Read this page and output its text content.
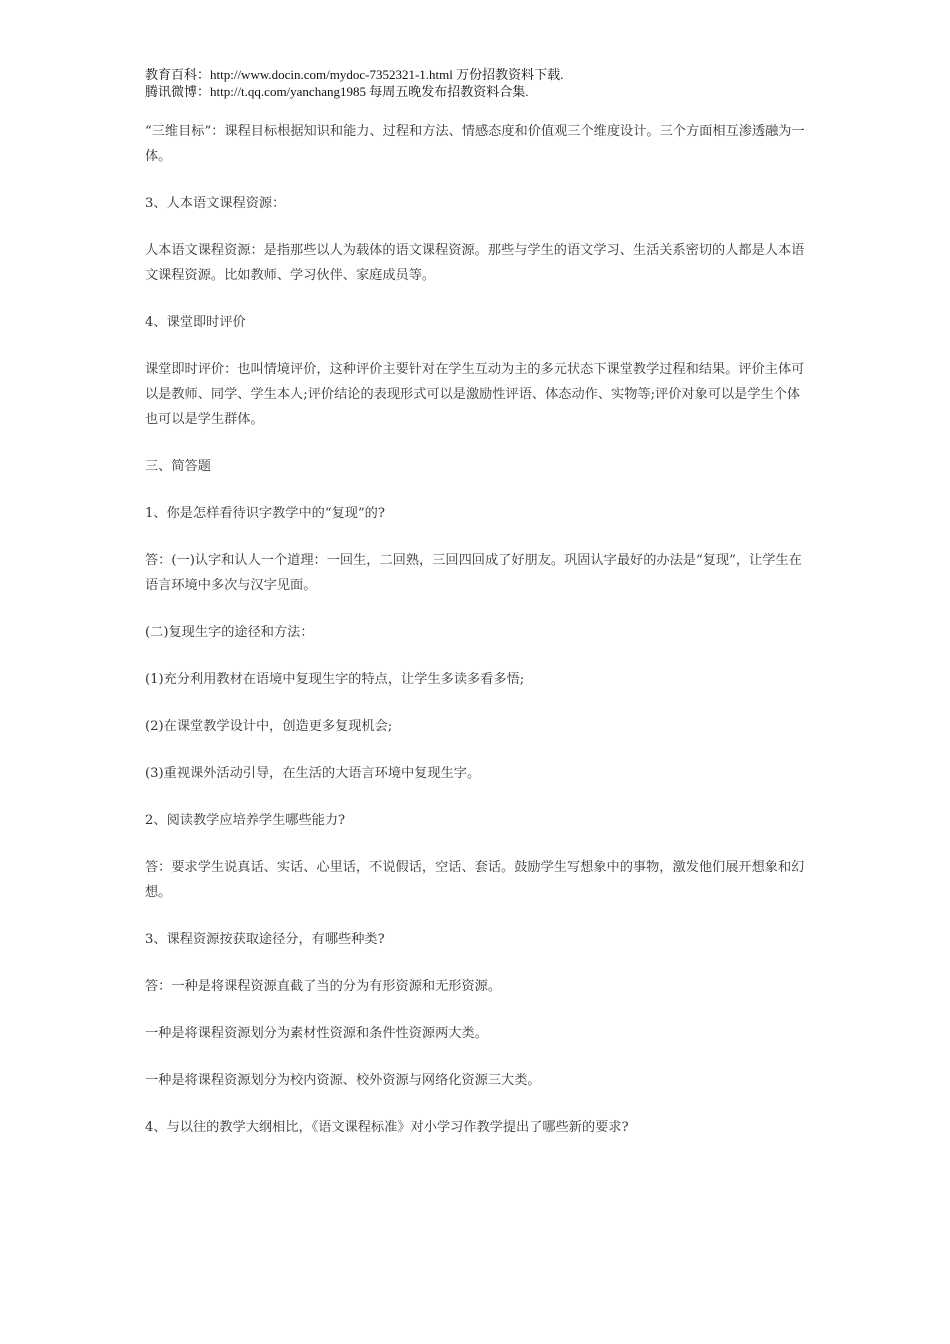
教育百科：http://www.docin.com/mydoc-7352321-1.html 万份招教资料下载.
腾讯微博：http://t.qq.com/yanchang1985 每周五晚发布招教资料合集.

“三维目标”：课程目标根据知识和能力、过程和方法、情感态度和价值观三个维度设计。三个方面相互渗透融为一体。

3、人本语文课程资源：

人本语文课程资源：是指那些以人为载体的语文课程资源。那些与学生的语文学习、生活关系密切的人都是人本语文课程资源。比如教师、学习伙伴、家庭成员等。

4、课堂即时评价

课堂即时评价：也叫情境评价，这种评价主要针对在学生互动为主的多元状态下课堂教学过程和结果。评价主体可以是教师、同学、学生本人;评价结论的表现形式可以是激励性评语、体态动作、实物等;评价对象可以是学生个体也可以是学生群体。

三、简答题

1、你是怎样看待识字教学中的“复现”的?

答：(一)认字和认人一个道理：一回生，二回熟，三回四回成了好朋友。巩固认字最好的办法是“复现”，让学生在语言环境中多次与汉字见面。

(二)复现生字的途径和方法：

(1)充分利用教材在语境中复现生字的特点，让学生多读多看多悟;

(2)在课堂教学设计中，创造更多复现机会;

(3)重视课外活动引导，在生活的大语言环境中复现生字。

2、阅读教学应培养学生哪些能力?

答：要求学生说真话、实话、心里话，不说假话，空话、套话。鼓励学生写想象中的事物，激发他们展开想象和幻想。

3、课程资源按获取途径分，有哪些种类?

答：一种是将课程资源直截了当的分为有形资源和无形资源。

一种是将课程资源划分为素材性资源和条件性资源两大类。

一种是将课程资源划分为校内资源、校外资源与网络化资源三大类。

4、与以往的教学大纲相比，《语文课程标准》对小学习作教学提出了哪些新的要求?
